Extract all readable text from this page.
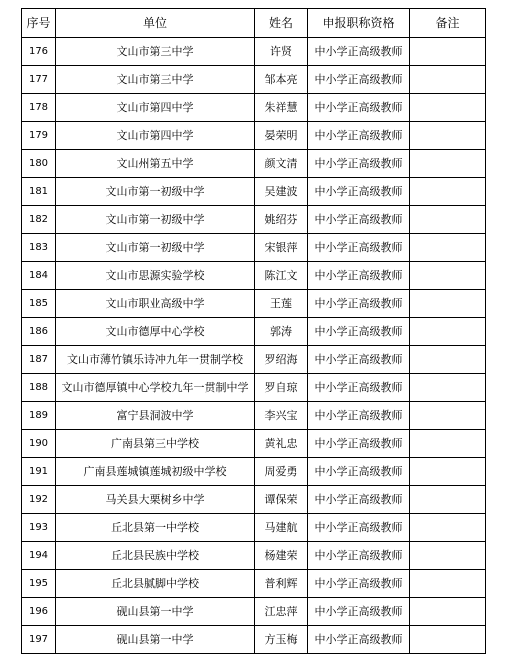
序号	单位	姓名	申报职称资格	备注
176	文山市第三中学	许贤	中小学正高级教师	
177	文山市第三中学	邹本亮	中小学正高级教师	
178	文山市第四中学	朱祥慧	中小学正高级教师	
179	文山市第四中学	晏荣明	中小学正高级教师	
180	文山州第五中学	颜文清	中小学正高级教师	
181	文山市第一初级中学	吴建波	中小学正高级教师	
182	文山市第一初级中学	姚绍芬	中小学正高级教师	
183	文山市第一初级中学	宋银萍	中小学正高级教师	
184	文山市思源实验学校	陈江文	中小学正高级教师	
185	文山市职业高级中学	王莲	中小学正高级教师	
186	文山市德厚中心学校	郭涛	中小学正高级教师	
187	文山市薄竹镇乐诗冲九年一贯制学校	罗绍海	中小学正高级教师	
188	文山市德厚镇中心学校九年一贯制中学	罗自琼	中小学正高级教师	
189	富宁县洞波中学	李兴宝	中小学正高级教师	
190	广南县第三中学校	黄礼忠	中小学正高级教师	
191	广南县莲城镇莲城初级中学校	周爱勇	中小学正高级教师	
192	马关县大栗树乡中学	谭保荣	中小学正高级教师	
193	丘北县第一中学校	马建航	中小学正高级教师	
194	丘北县民族中学校	杨建荣	中小学正高级教师	
195	丘北县腻脚中学校	普利辉	中小学正高级教师	
196	砚山县第一中学	江忠萍	中小学正高级教师	
197	砚山县第一中学	方玉梅	中小学正高级教师	
